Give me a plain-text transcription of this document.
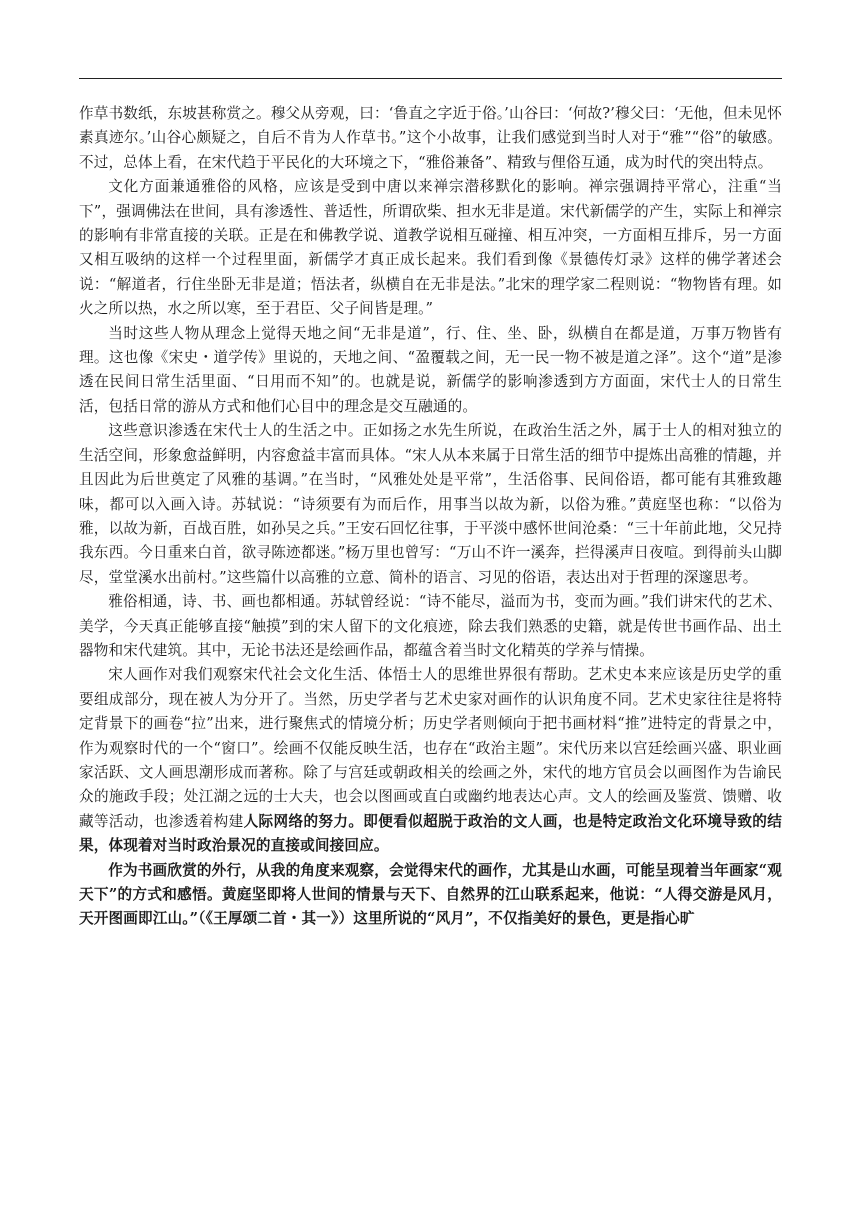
作草书数纸，东坡甚称赏之。穆父从旁观，曰：‘鲁直之字近于俗。’山谷曰：‘何故?’穆父曰：‘无他，但未见怀素真迹尔。’山谷心颇疑之，自后不肯为人作草书。”这个小故事，让我们感觉到当时人对于“雅”“俗”的敏感。不过，总体上看，在宋代趋于平民化的大环境之下，“雅俗兼备”、精致与俚俗互通，成为时代的突出特点。

文化方面兼通雅俗的风格，应该是受到中唐以来禅宗潜移默化的影响。禅宗强调持平常心，注重“当下”，强调佛法在世间，具有渗透性、普适性，所谓砍柴、担水无非是道。宋代新儒学的产生，实际上和禅宗的影响有非常直接的关联。正是在和佛教学说、道教学说相互碰撞、相互冲突，一方面相互排斥，另一方面又相互吸纳的这样一个过程里面，新儒学才真正成长起来。我们看到像《景德传灯录》这样的佛学著述会说：“解道者，行住坐卧无非是道；悟法者，纵横自在无非是法。”北宋的理学家二程则说：“物物皆有理。如火之所以热，水之所以寒，至于君臣、父子间皆是理。”

当时这些人物从理念上觉得天地之间“无非是道”，行、住、坐、卧，纵横自在都是道，万事万物皆有理。这也像《宋史・道学传》里说的，天地之间、“盈覆载之间，无一民一物不被是道之泽”。这个“道”是渗透在民间日常生活里面、“日用而不知”的。也就是说，新儒学的影响渗透到方方面面，宋代士人的日常生活，包括日常的游从方式和他们心目中的理念是交互融通的。

这些意识渗透在宋代士人的生活之中。正如扬之水先生所说，在政治生活之外，属于士人的相对独立的生活空间，形象愈益鲜明，内容愈益丰富而具体。“宋人从本来属于日常生活的细节中提炼出高雅的情趣，并且因此为后世奠定了风雅的基调。”在当时，“风雅处处是平常”，生活俗事、民间俗语，都可能有其雅致趣味，都可以入画入诗。苏轼说：“诗须要有为而后作，用事当以故为新，以俗为雅。”黄庭坚也称：“以俗为雅，以故为新，百战百胜，如孙吴之兵。”王安石回忆往事，于平淡中感怀世间沧桑：“三十年前此地，父兄持我东西。今日重来白首，欲寻陈迹都迷。”杨万里也曾写：“万山不许一溪奔，拦得溪声日夜喧。到得前头山脚尽，堂堂溪水出前村。”这些篇什以高雅的立意、简朴的语言、习见的俗语，表达出对于哲理的深邃思考。

雅俗相通，诗、书、画也都相通。苏轼曾经说：“诗不能尽，溢而为书，变而为画。”我们讲宋代的艺术、美学，今天真正能够直接“触摸”到的宋人留下的文化痕迹，除去我们熟悉的史籍，就是传世书画作品、出土器物和宋代建筑。其中，无论书法还是绘画作品，都蕴含着当时文化精英的学养与情操。

宋人画作对我们观察宋代社会文化生活、体悟士人的思维世界很有帮助。艺术史本来应该是历史学的重要组成部分，现在被人为分开了。当然，历史学者与艺术史家对画作的认识角度不同。艺术史家往往是将特定背景下的画卷“拉”出来，进行聚焦式的情境分析；历史学者则倾向于把书画材料“推”进特定的背景之中，作为观察时代的一个“窗口”。绘画不仅能反映生活，也存在“政治主题”。宋代历来以宫廷绘画兴盛、职业画家活跃、文人画思潮形成而著称。除了与宫廷或朝政相关的绘画之外，宋代的地方官员会以画图作为告谕民众的施政手段；处江湖之远的士大夫，也会以图画或直白或幽约地表达心声。文人的绘画及鉴赏、馈赠、收藏等活动，也渗透着构建人际网络的努力。即便看似超脱于政治的文人画，也是特定政治文化环境导致的结果，体现着对当时政治景况的直接或间接回应。

作为书画欣赏的外行，从我的角度来观察，会觉得宋代的画作，尤其是山水画，可能呈现着当年画家“观天下”的方式和感悟。黄庭坚即将人世间的情景与天下、自然界的江山联系起来，他说：“人得交游是风月，天开图画即江山。”（《王厚颂二首・其一》）这里所说的“风月”，不仅指美好的景色，更是指心旷
